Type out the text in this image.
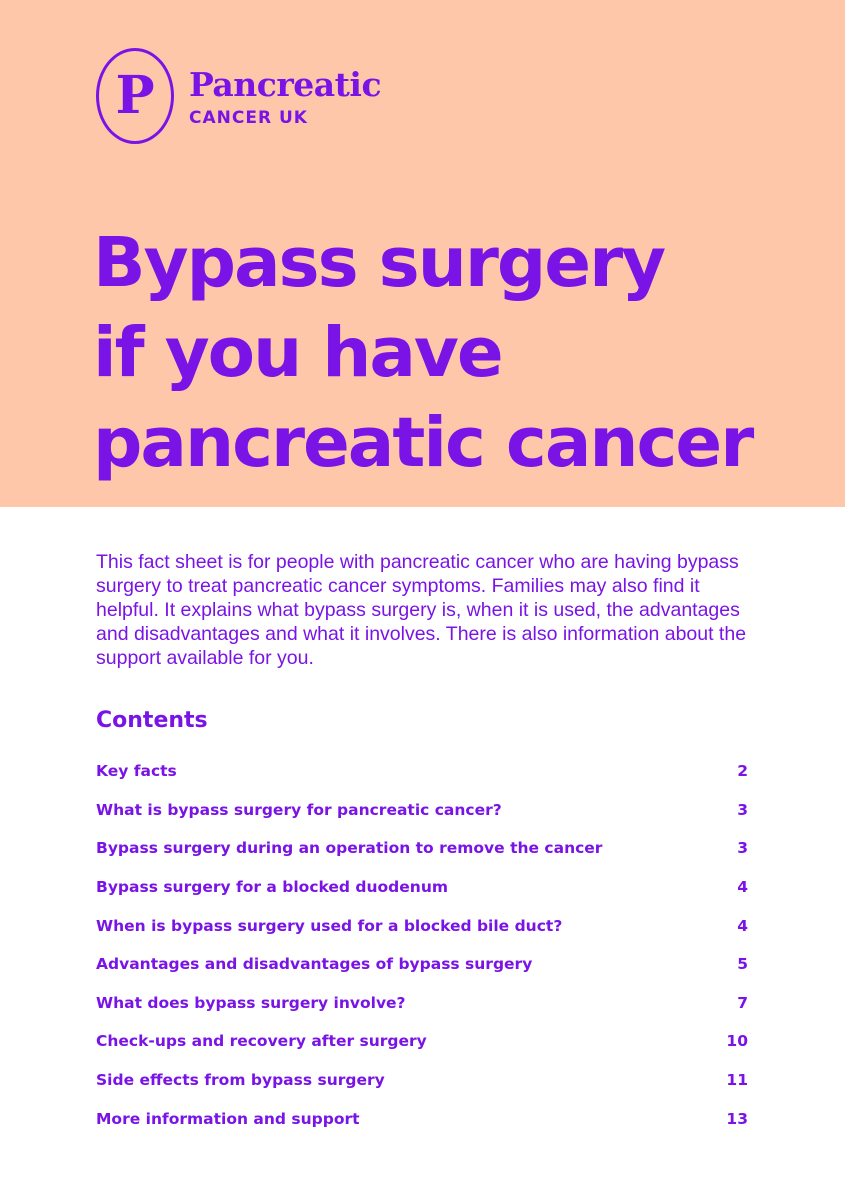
P	Pancreatic
CANCER UK
Bypass surgery
if you have
pancreatic cancer

This fact sheet is for people with pancreatic cancer who are having bypass surgery to treat pancreatic cancer symptoms. Families may also find it helpful. It explains what bypass surgery is, when it is used, the advantages and disadvantages and what it involves. There is also information about the support available for you.

Contents
Key facts	2
What is bypass surgery for pancreatic cancer?	3
Bypass surgery during an operation to remove the cancer	3
Bypass surgery for a blocked duodenum	4
When is bypass surgery used for a blocked bile duct?	4
Advantages and disadvantages of bypass surgery	5
What does bypass surgery involve?	7
Check-ups and recovery after surgery	10
Side effects from bypass surgery	11
More information and support	13
